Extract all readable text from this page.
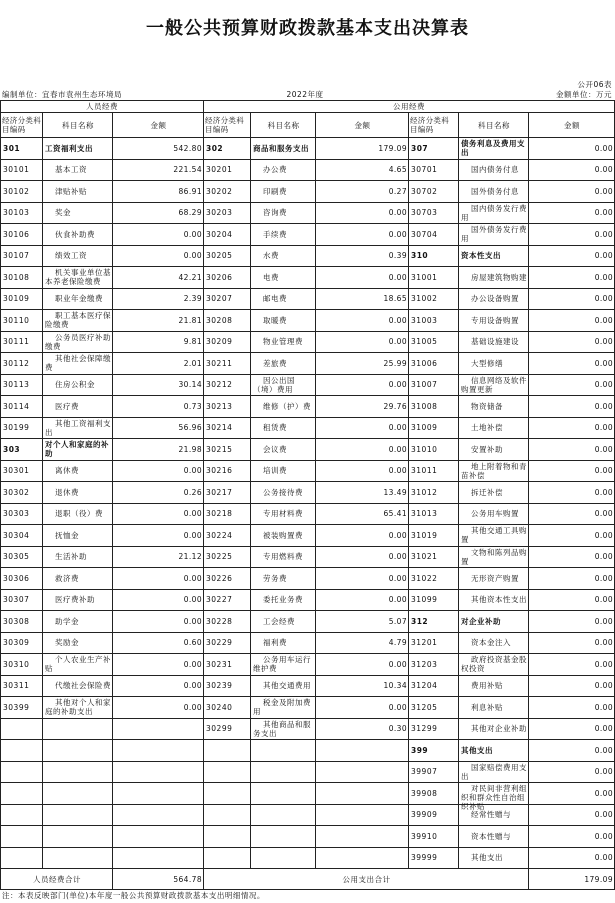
一般公共预算财政拨款基本支出决算表
公开06表
编制单位：宜春市袁州生态环境局	2022年度	金额单位：万元
人员经费			公用经费					

经济分类科目编码	科目名称	金额	经济分类科目编码	科目名称	金额	经济分类科目编码	科目名称	金额
301	工资福利支出	542.80	302	商品和服务支出	179.09	307	债务利息及费用支出	0.00
30101	基本工资	221.54	30201	办公费	4.65	30701	国内债务付息	0.00
30102	津贴补贴	86.91	30202	印刷费	0.27	30702	国外债务付息	0.00
30103	奖金	68.29	30203	咨询费	0.00	30703	国内债务发行费用	0.00
30106	伙食补助费	0.00	30204	手续费	0.00	30704	国外债务发行费用	0.00
30107	绩效工资	0.00	30205	水费	0.39	310	资本性支出	0.00
30108	机关事业单位基本养老保险缴费	42.21	30206	电费	0.00	31001	房屋建筑物购建	0.00
30109	职业年金缴费	2.39	30207	邮电费	18.65	31002	办公设备购置	0.00
30110	职工基本医疗保险缴费	21.81	30208	取暖费	0.00	31003	专用设备购置	0.00
30111	公务员医疗补助缴费	9.81	30209	物业管理费	0.00	31005	基础设施建设	0.00
30112	其他社会保障缴费	2.01	30211	差旅费	25.99	31006	大型修缮	0.00
30113	住房公积金	30.14	30212	因公出国（境）费用	0.00	31007	信息网络及软件购置更新	0.00
30114	医疗费	0.73	30213	维修（护）费	29.76	31008	物资储备	0.00
30199	其他工资福利支出	56.96	30214	租赁费	0.00	31009	土地补偿	0.00
303	对个人和家庭的补助	21.98	30215	会议费	0.00	31010	安置补助	0.00
30301	离休费	0.00	30216	培训费	0.00	31011	地上附着物和青苗补偿	0.00
30302	退休费	0.26	30217	公务接待费	13.49	31012	拆迁补偿	0.00
30303	退职（役）费	0.00	30218	专用材料费	65.41	31013	公务用车购置	0.00
30304	抚恤金	0.00	30224	被装购置费	0.00	31019	其他交通工具购置	0.00
30305	生活补助	21.12	30225	专用燃料费	0.00	31021	文物和陈列品购置	0.00
30306	救济费	0.00	30226	劳务费	0.00	31022	无形资产购置	0.00
30307	医疗费补助	0.00	30227	委托业务费	0.00	31099	其他资本性支出	0.00
30308	助学金	0.00	30228	工会经费	5.07	312	对企业补助	0.00
30309	奖励金	0.60	30229	福利费	4.79	31201	资本金注入	0.00
30310	个人农业生产补贴	0.00	30231	公务用车运行维护费	0.00	31203	政府投资基金股权投资	0.00
30311	代缴社会保险费	0.00	30239	其他交通费用	10.34	31204	费用补贴	0.00
30399	其他对个人和家庭的补助支出	0.00	30240	税金及附加费用	0.00	31205	利息补贴	0.00
			30299	其他商品和服务支出	0.30	31299	其他对企业补助	0.00
						399	其他支出	0.00
						39907	国家赔偿费用支出	0.00
						39908	对民间非营利组织和群众性自治组织补贴	0.00
						39909	经常性赠与	0.00
						39910	资本性赠与	0.00
						39999	其他支出	0.00
人员经费合计		564.78	公用支出合计					179.09
注：本表反映部门(单位)本年度一般公共预算财政拨款基本支出明细情况。
